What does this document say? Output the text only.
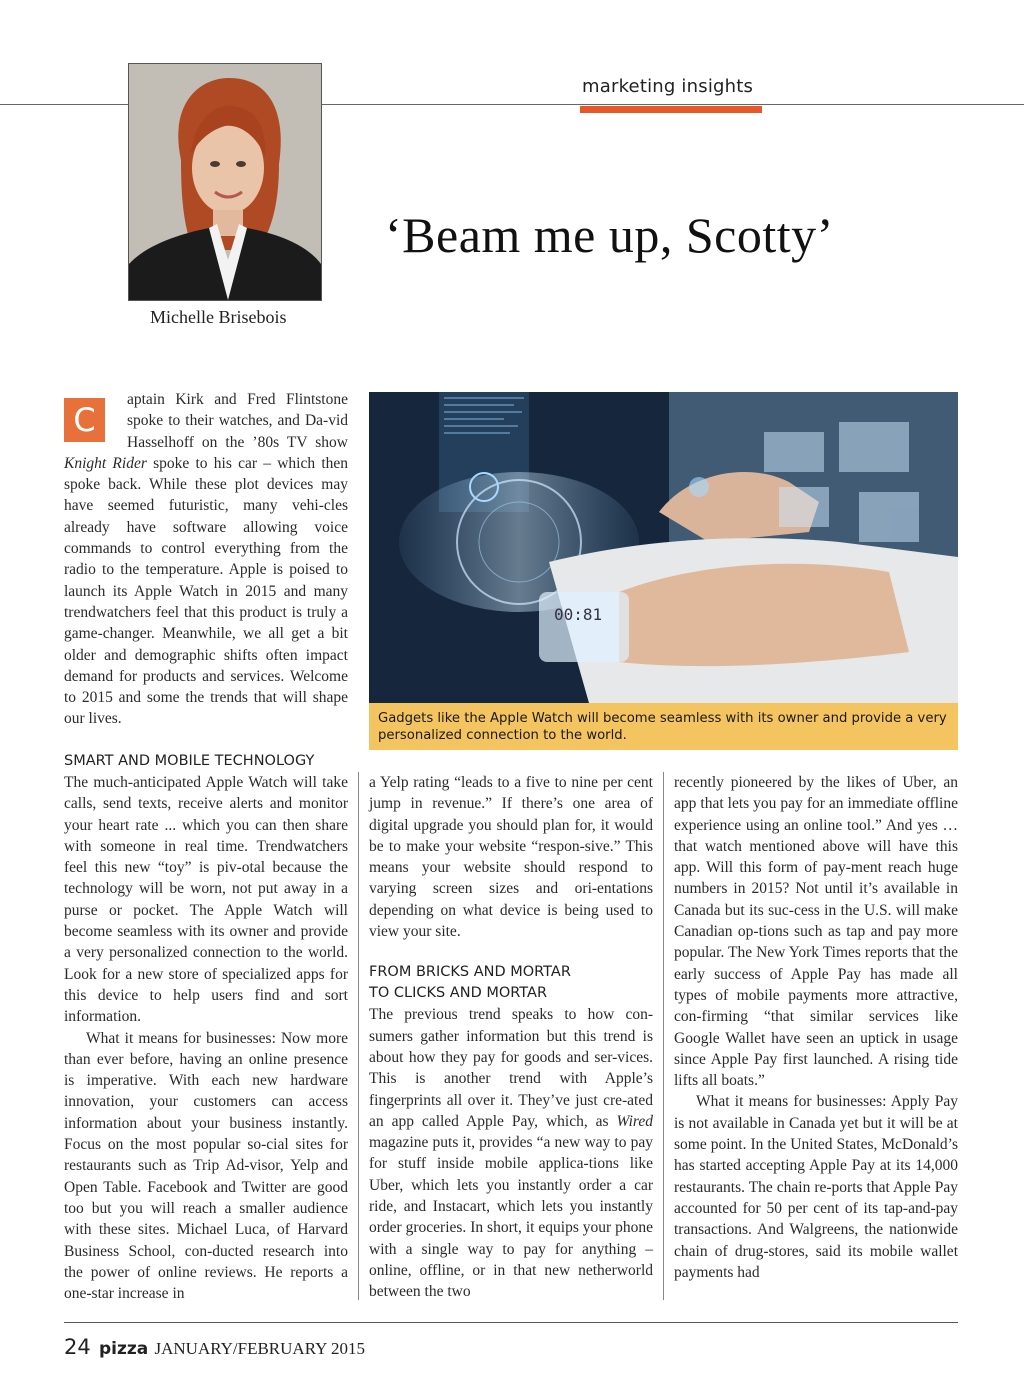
marketing insights
Michelle Brisebois
‘Beam me up, Scotty’
C

aptain Kirk and Fred Flintstone spoke to their watches, and Da-vid Hasselhoff on the ’80s TV show Knight Rider spoke to his car – which then spoke back. While these plot devices may have seemed futuristic, many vehi-cles already have software allowing voice commands to control everything from the radio to the temperature. Apple is poised to launch its Apple Watch in 2015 and many trendwatchers feel that this product is truly a game-changer. Meanwhile, we all get a bit older and demographic shifts often impact demand for products and services. Welcome to 2015 and some the trends that will shape our lives.

SMART AND MOBILE TECHNOLOGY

The much-anticipated Apple Watch will take calls, send texts, receive alerts and monitor your heart rate ... which you can then share with someone in real time. Trendwatchers feel this new “toy” is piv-otal because the technology will be worn, not put away in a purse or pocket. The Apple Watch will become seamless with its owner and provide a very personalized connection to the world. Look for a new store of specialized apps for this device to help users find and sort information.

What it means for businesses: Now more than ever before, having an online presence is imperative. With each new hardware innovation, your customers can access information about your business instantly. Focus on the most popular so-cial sites for restaurants such as Trip Ad-visor, Yelp and Open Table. Facebook and Twitter are good too but you will reach a smaller audience with these sites. Michael Luca, of Harvard Business School, con-ducted research into the power of online reviews. He reports a one-star increase in

00:81
Gadgets like the Apple Watch will become seamless with its owner and provide a very personalized connection to the world.

a Yelp rating “leads to a five to nine per cent jump in revenue.” If there’s one area of digital upgrade you should plan for, it would be to make your website “respon-sive.” This means your website should respond to varying screen sizes and ori-entations depending on what device is being used to view your site.

FROM BRICKS AND MORTAR
TO CLICKS AND MORTAR

The previous trend speaks to how con-sumers gather information but this trend is about how they pay for goods and ser-vices. This is another trend with Apple’s fingerprints all over it. They’ve just cre-ated an app called Apple Pay, which, as Wired magazine puts it, provides “a new way to pay for stuff inside mobile applica-tions like Uber, which lets you instantly order a car ride, and Instacart, which lets you instantly order groceries. In short, it equips your phone with a single way to pay for anything – online, offline, or in that new netherworld between the two

recently pioneered by the likes of Uber, an app that lets you pay for an immediate offline experience using an online tool.” And yes … that watch mentioned above will have this app. Will this form of pay-ment reach huge numbers in 2015? Not until it’s available in Canada but its suc-cess in the U.S. will make Canadian op-tions such as tap and pay more popular. The New York Times reports that the early success of Apple Pay has made all types of mobile payments more attractive, con-firming “that similar services like Google Wallet have seen an uptick in usage since Apple Pay first launched. A rising tide lifts all boats.”

What it means for businesses: Apply Pay is not available in Canada yet but it will be at some point. In the United States, McDonald’s has started accepting Apple Pay at its 14,000 restaurants. The chain re-ports that Apple Pay accounted for 50 per cent of its tap-and-pay transactions. And Walgreens, the nationwide chain of drug-stores, said its mobile wallet payments had

24 pizza JANUARY/FEBRUARY 2015
